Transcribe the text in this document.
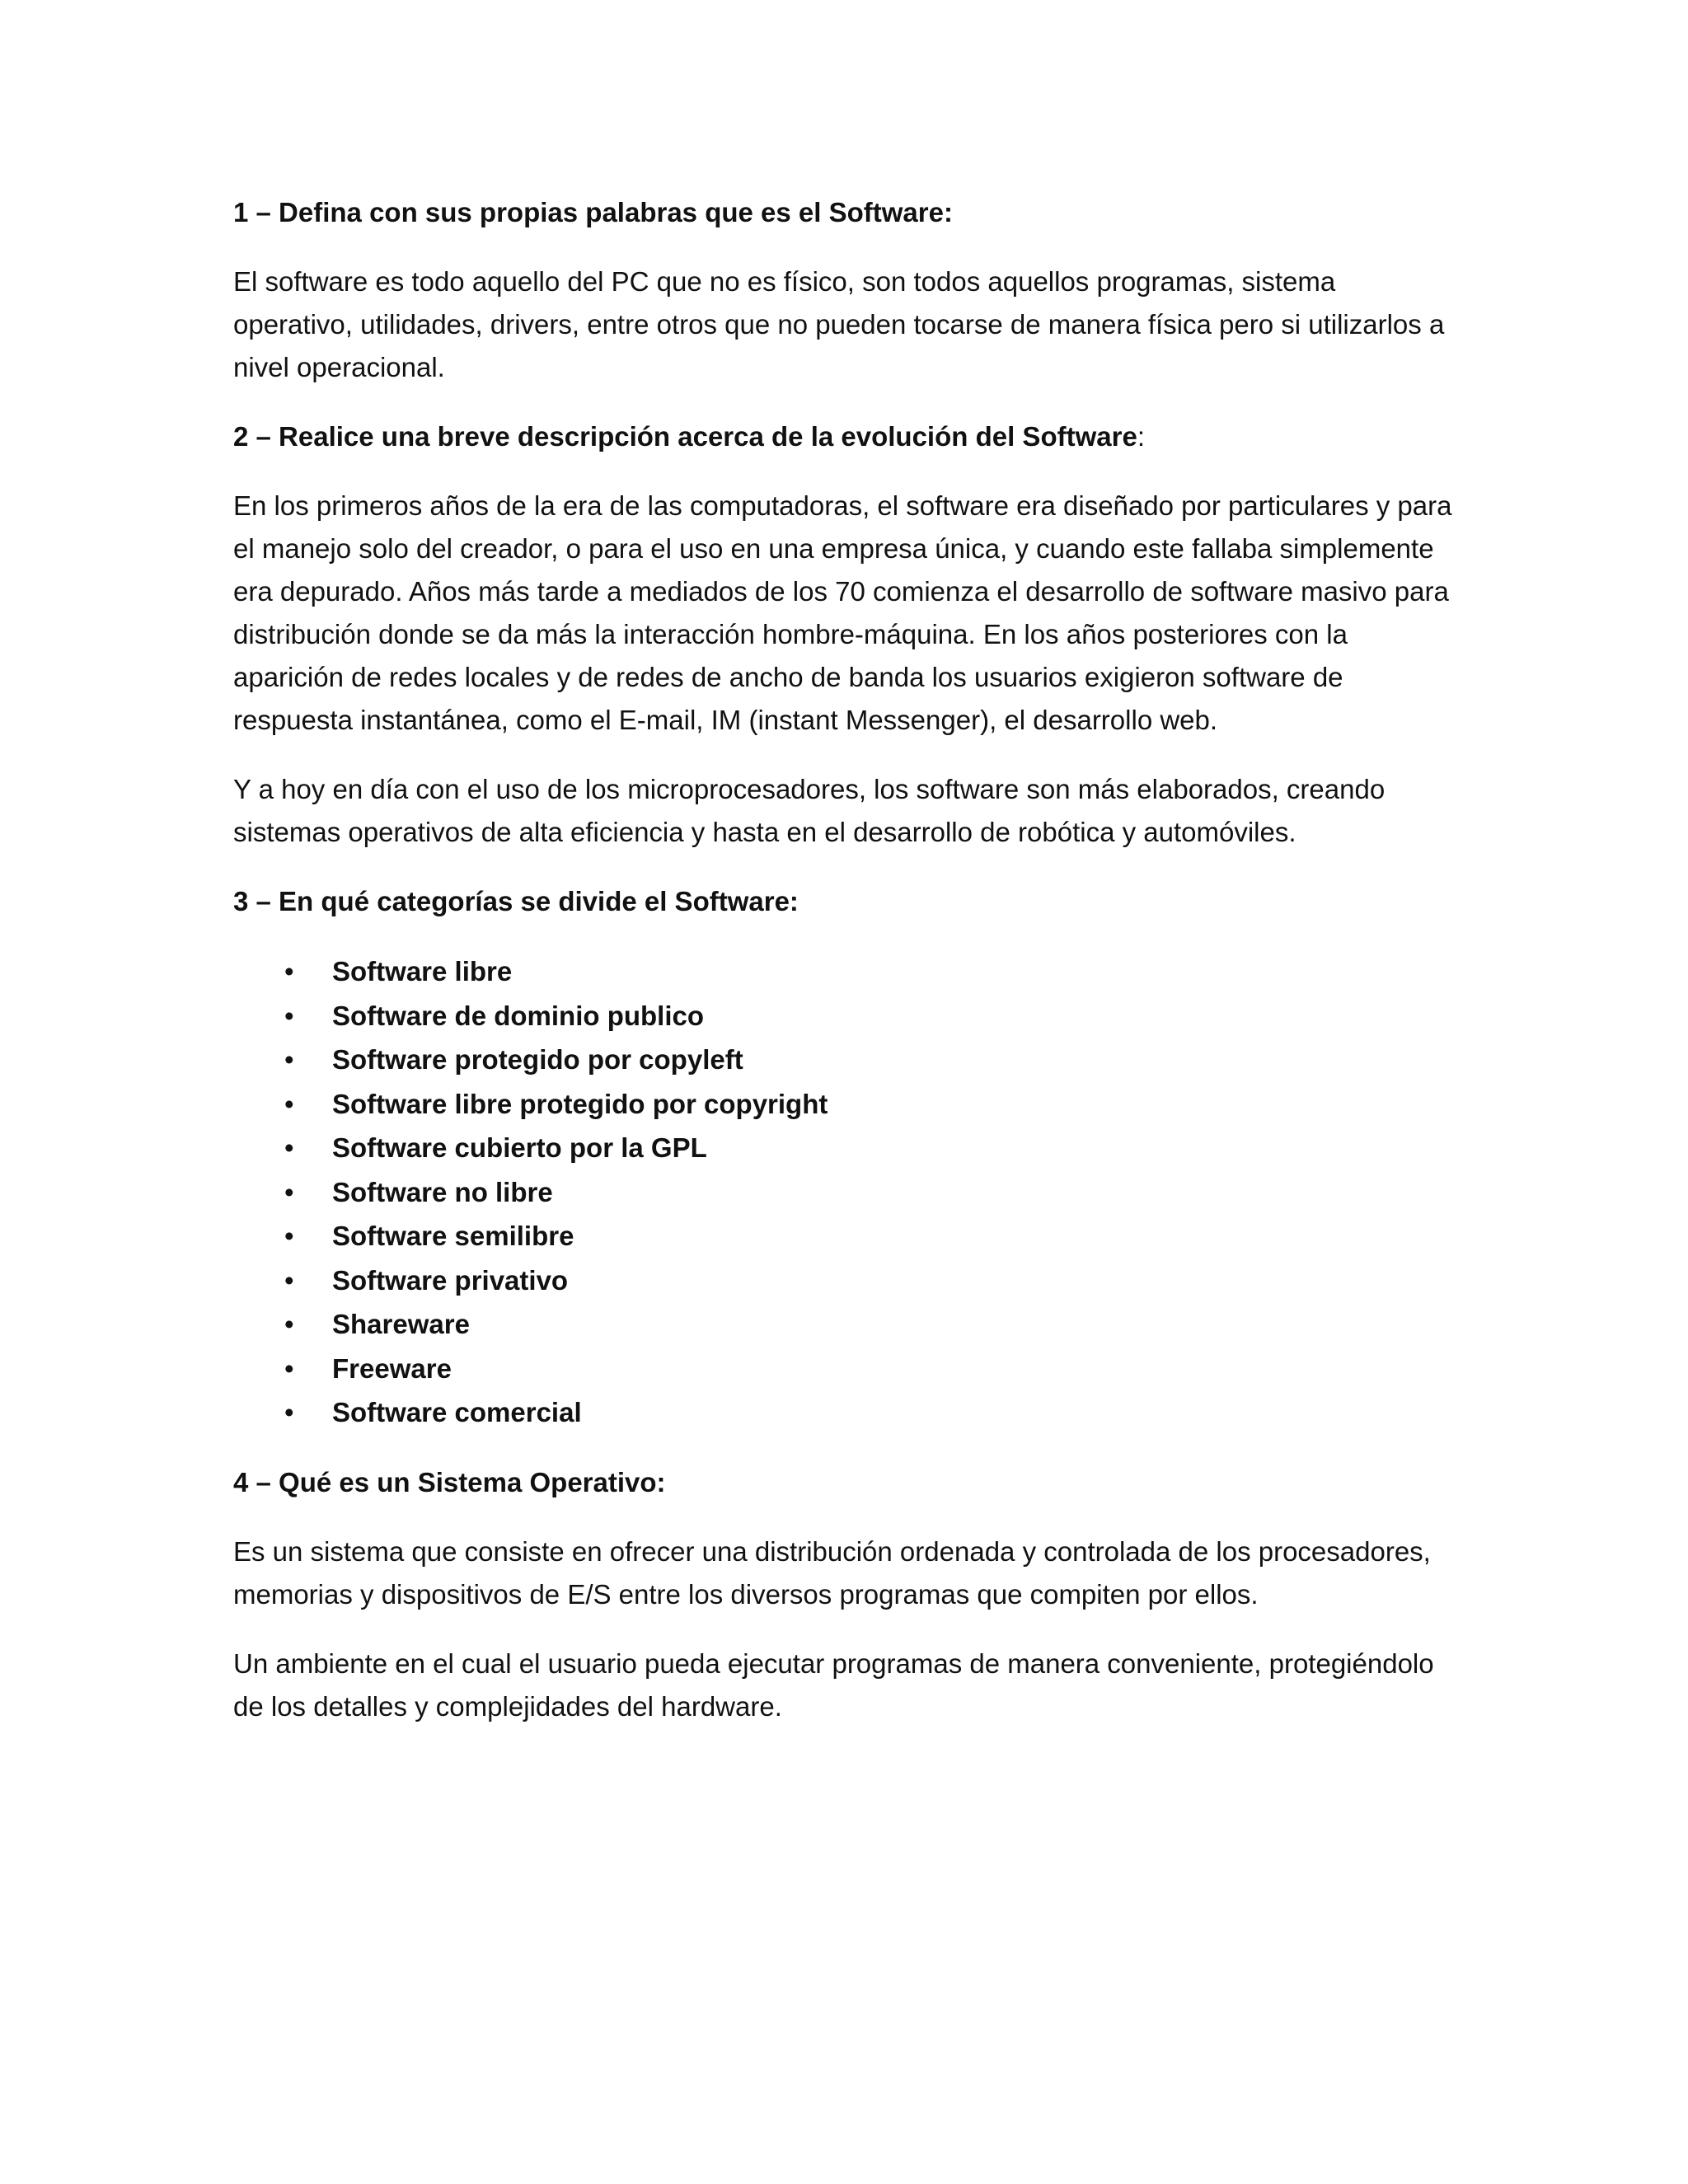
1 – Defina con sus propias palabras que es el Software:

El software es todo aquello del PC que no es físico, son todos aquellos programas, sistema operativo, utilidades, drivers, entre otros que no pueden tocarse de manera física pero si utilizarlos a nivel operacional.

2 – Realice una breve descripción acerca de la evolución del Software:

En los primeros años de la era de las computadoras, el software era diseñado por particulares y para el manejo solo del creador, o para el uso en una empresa única, y cuando este fallaba simplemente era depurado. Años más tarde a mediados de los 70 comienza el desarrollo de software masivo para distribución donde se da más la interacción hombre-máquina. En los años posteriores con la aparición de redes locales y de redes de ancho de banda los usuarios exigieron software de respuesta instantánea, como el E-mail, IM (instant Messenger), el desarrollo web.

Y a hoy en día con el uso de los microprocesadores, los software son más elaborados, creando sistemas operativos de alta eficiencia y hasta en el desarrollo de robótica y automóviles.

3 – En qué categorías se divide el Software:

• Software libre
• Software de dominio publico
• Software protegido por copyleft
• Software libre protegido por copyright
• Software cubierto por la GPL
• Software no libre
• Software semilibre
• Software privativo
• Shareware
• Freeware
• Software comercial

4 – Qué es un Sistema Operativo:

Es un sistema que consiste en ofrecer una distribución ordenada y controlada de los procesadores, memorias y dispositivos de E/S entre los diversos programas que compiten por ellos.

Un ambiente en el cual el usuario pueda ejecutar programas de manera conveniente, protegiéndolo de los detalles y complejidades del hardware.
